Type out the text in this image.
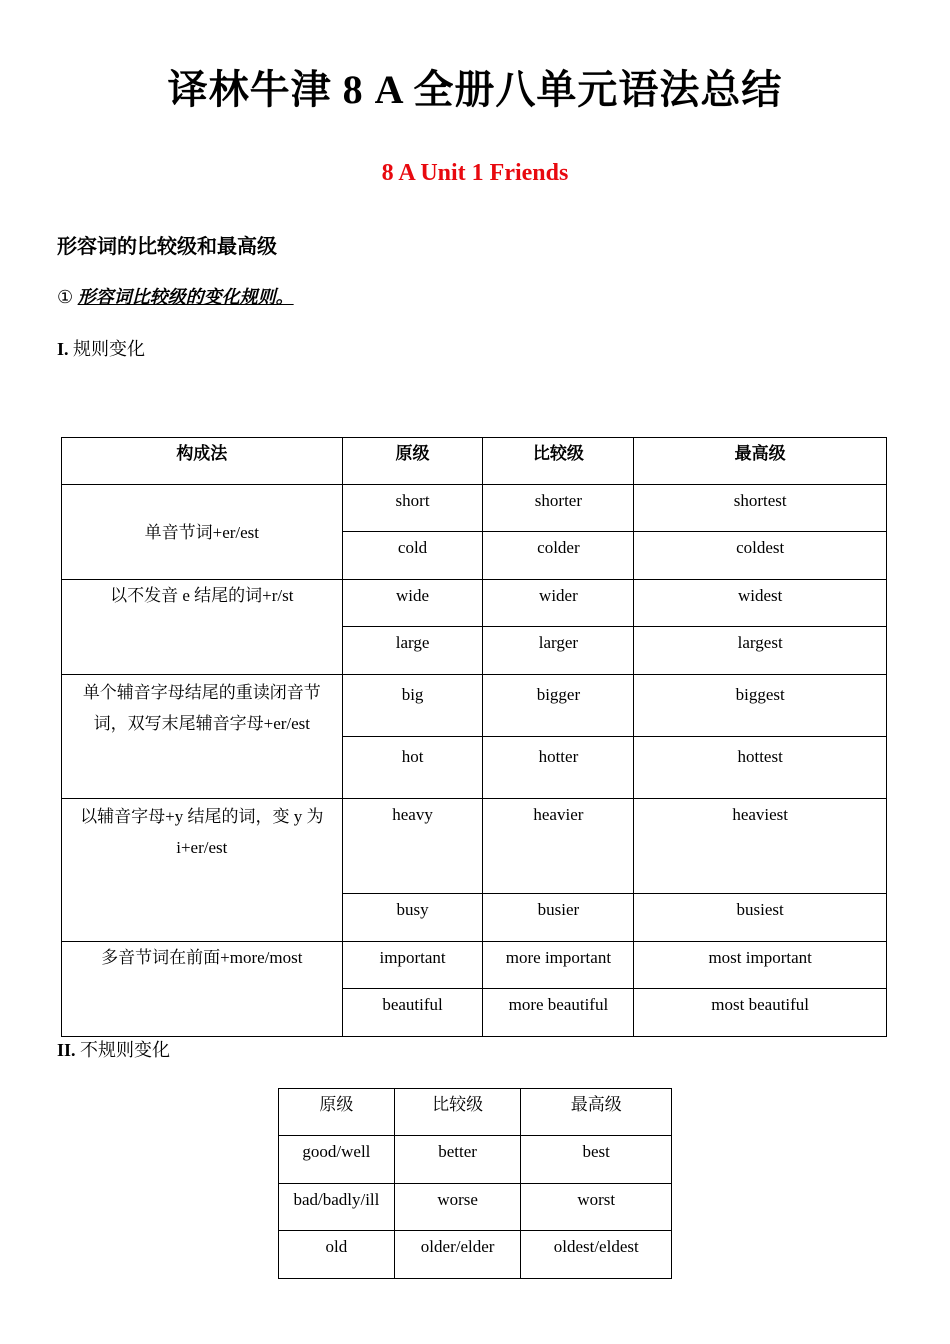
译林牛津 8 A 全册八单元语法总结
8 A Unit 1 Friends
形容词的比较级和最高级
① 形容词比较级的变化规则。
I. 规则变化
构成法	原级	比较级	最高级
单音节词+er/est	short	shorter	shortest
	cold	colder	coldest
以不发音 e 结尾的词+r/st	wide	wider	widest
	large	larger	largest
单个辅音字母结尾的重读闭音节词，双写末尾辅音字母+er/est	big	bigger	biggest
	hot	hotter	hottest
以辅音字母+y 结尾的词，变 y 为 i+er/est	heavy	heavier	heaviest
	busy	busier	busiest
多音节词在前面+more/most	important	more important	most important
	beautiful	more beautiful	most beautiful
II. 不规则变化
原级	比较级	最高级
good/well	better	best
bad/badly/ill	worse	worst
old	older/elder	oldest/eldest
